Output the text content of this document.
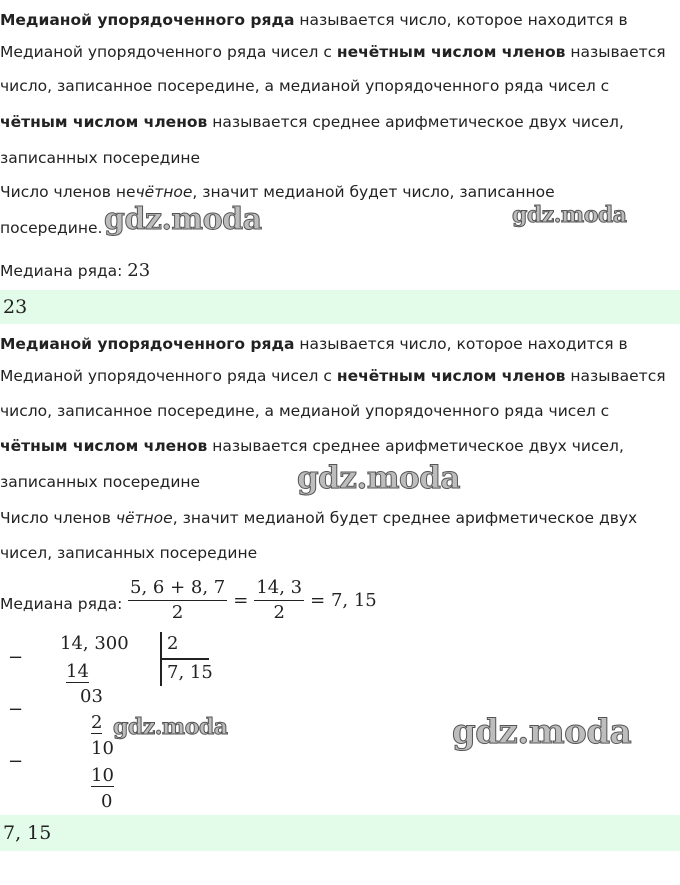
Медианой упорядоченного ряда называется число, которое находится в
Медианой упорядоченного ряда чисел с нечётным числом членов называется
число, записанное посередине, а медианой упорядоченного ряда чисел с
чётным числом членов называется среднее арифметическое двух чисел,
записанных посередине
Число членов нечётное, значит медианой будет число, записанное
посередине. gdz.moda	gdz.moda
Медиана ряда: 23
23
Медианой упорядоченного ряда называется число, которое находится в
Медианой упорядоченного ряда чисел с нечётным числом членов называется
число, записанное посередине, а медианой упорядоченного ряда чисел с
чётным числом членов называется среднее арифметическое двух чисел,
записанных посередине	gdz.moda
Число членов чётное, значит медианой будет среднее арифметическое двух
чисел, записанных посередине
Медиана ряда: $\frac{5, 6 + 8, 7}{2} = \frac{14, 3}{2} = 7$, 15
−
14, 300
14
2
7, 15
03
−
2
10
−
10
0
gdz.moda	gdz.moda
7, 15
